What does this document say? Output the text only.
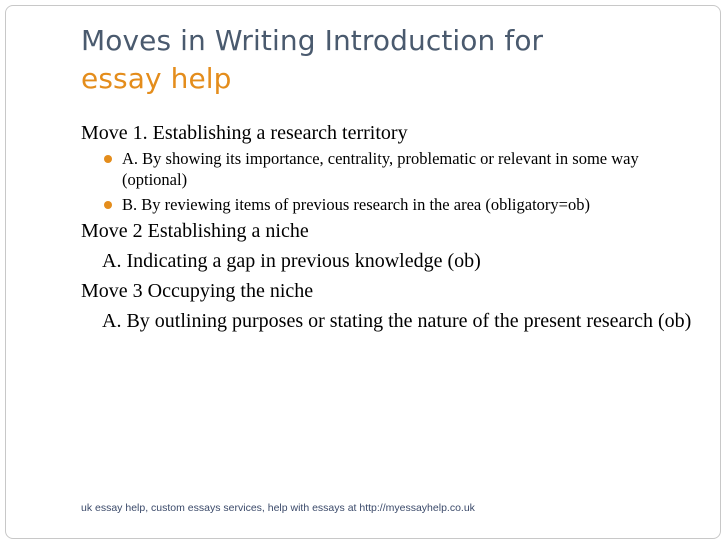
Moves in Writing Introduction for
essay help

Move 1. Establishing a research territory

A. By showing its importance, centrality, problematic or relevant in some way (optional)
B. By reviewing items of previous research in the area (obligatory=ob)

Move 2 Establishing a niche

A. Indicating a gap in previous knowledge (ob)

Move 3 Occupying the niche

A. By outlining purposes or stating the nature of the present research (ob)

uk essay help, custom essays services, help with essays at http://myessayhelp.co.uk
